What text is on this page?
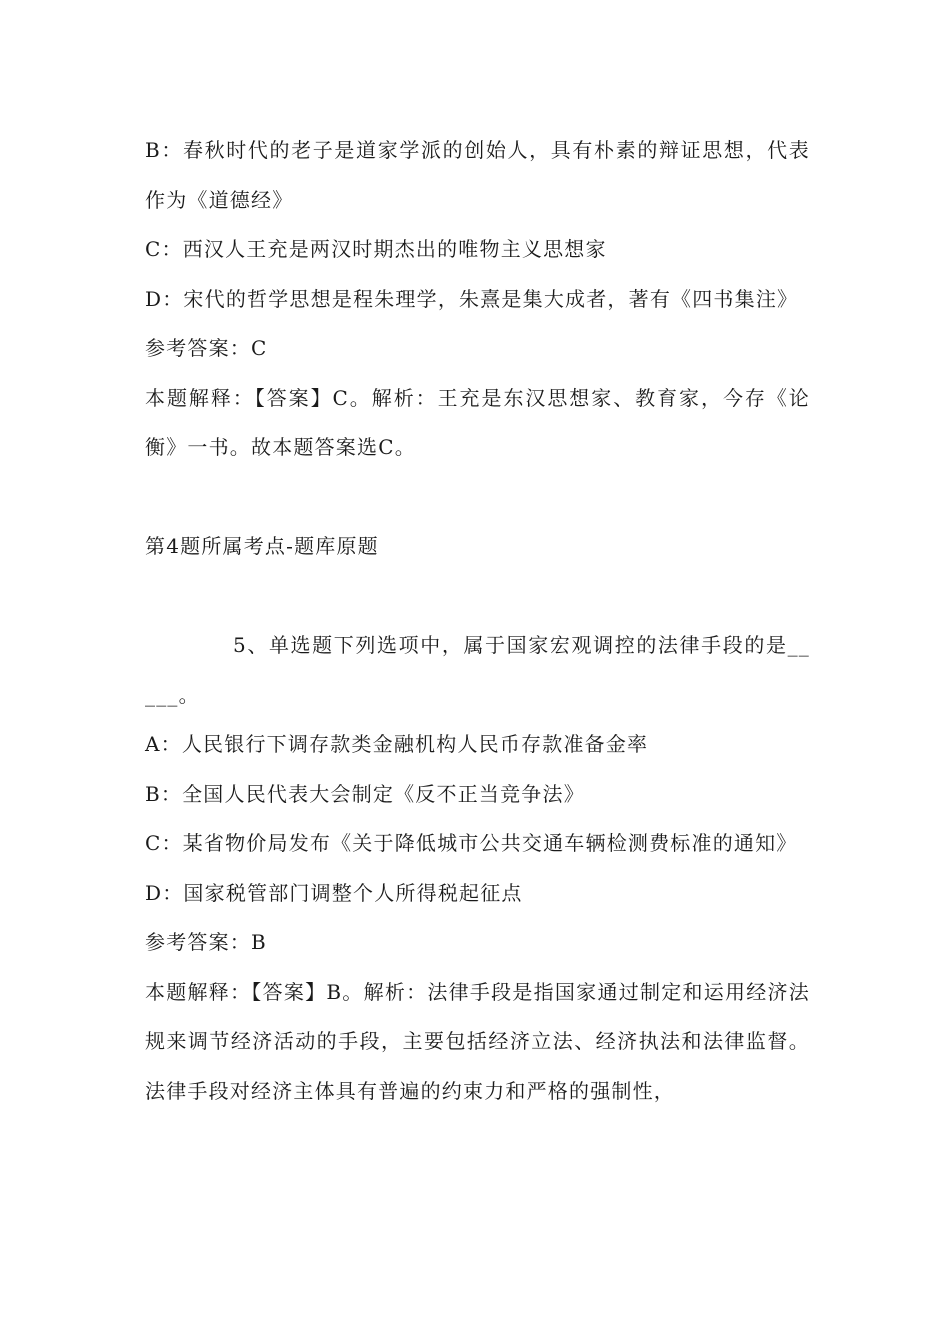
B：春秋时代的老子是道家学派的创始人，具有朴素的辩证思想，代表作为《道德经》

C：西汉人王充是两汉时期杰出的唯物主义思想家

D：宋代的哲学思想是程朱理学，朱熹是集大成者，著有《四书集注》

参考答案：C

本题解释：【答案】C。解析：王充是东汉思想家、教育家，今存《论衡》一书。故本题答案选C。

第4题所属考点-题库原题

5、单选题下列选项中，属于国家宏观调控的法律手段的是_____。

A：人民银行下调存款类金融机构人民币存款准备金率

B：全国人民代表大会制定《反不正当竞争法》

C：某省物价局发布《关于降低城市公共交通车辆检测费标准的通知》

D：国家税管部门调整个人所得税起征点

参考答案：B

本题解释：【答案】B。解析：法律手段是指国家通过制定和运用经济法规来调节经济活动的手段，主要包括经济立法、经济执法和法律监督。法律手段对经济主体具有普遍的约束力和严格的强制性，
